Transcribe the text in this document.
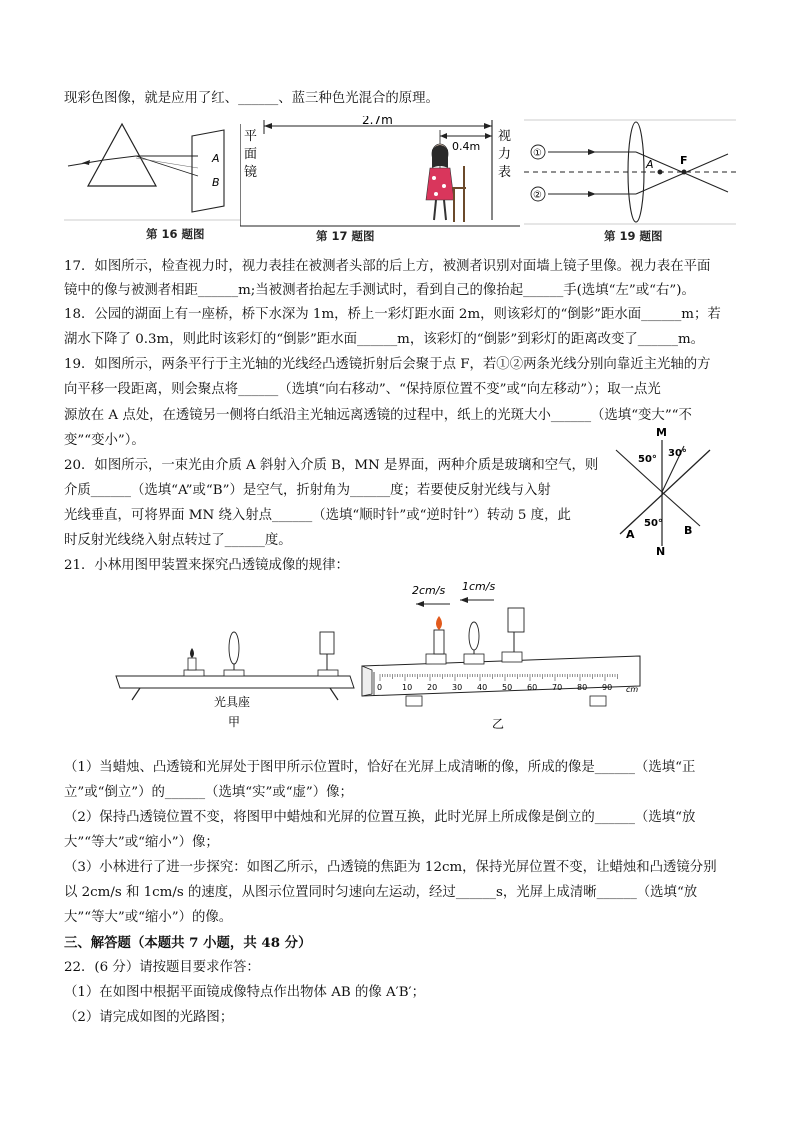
现彩色图像，就是应用了红、______、蓝三种色光混合的原理。
A
B
第 16 题图
平
面
镜
2.7m
0.4m
视
力
表
第 17 题图
①
②
A F
第 19 题图
17．如图所示，检查视力时，视力表挂在被测者头部的后上方，被测者识别对面墙上镜子里像。视力表在平面
镜中的像与被测者相距______m;当被测者抬起左手测试时，看到自己的像抬起______手(选填“左”或“右”)。
18．公园的湖面上有一座桥，桥下水深为 1m，桥上一彩灯距水面 2m，则该彩灯的“倒影”距水面______m；若
湖水下降了 0.3m，则此时该彩灯的“倒影”距水面______m，该彩灯的“倒影”到彩灯的距离改变了______m。
19．如图所示，两条平行于主光轴的光线经凸透镜折射后会聚于点 F，若①②两条光线分别向靠近主光轴的方
向平移一段距离，则会聚点将______（选填“向右移动”、“保持原位置不变”或“向左移动”）；取一点光
源放在 A 点处，在透镜另一侧将白纸沿主光轴远离透镜的过程中，纸上的光斑大小______（选填“变大”“不
变”“变小”）。
20．如图所示，一束光由介质 A 斜射入介质 B，MN 是界面，两种介质是玻璃和空气，则
介质______（选填“A”或“B”）是空气，折射角为______度；若要使反射光线与入射
光线垂直，可将界面 MN 绕入射点______（选填“顺时针”或“逆时针”）转动 5 度，此
时反射光线绕入射点转过了______度。
M
N
50°
30°
50°
A	B
21．小林用图甲装置来探究凸透镜成像的规律：
光具座
甲
0 10 20 30 40 50 60 70 80 90 cm
2cm/s 1cm/s
乙
（1）当蜡烛、凸透镜和光屏处于图甲所示位置时，恰好在光屏上成清晰的像，所成的像是______（选填“正
立”或“倒立”）的______（选填“实”或“虚”）像；
（2）保持凸透镜位置不变，将图甲中蜡烛和光屏的位置互换，此时光屏上所成像是倒立的______（选填“放
大”“等大”或“缩小”）像；
（3）小林进行了进一步探究：如图乙所示，凸透镜的焦距为 12cm，保持光屏位置不变，让蜡烛和凸透镜分别
以 2cm/s 和 1cm/s 的速度，从图示位置同时匀速向左运动，经过______s，光屏上成清晰______（选填“放
大”“等大”或“缩小”）的像。
三、解答题（本题共 7 小题，共 48 分）
22．(6 分）请按题目要求作答：
（1）在如图中根据平面镜成像特点作出物体 AB 的像 A′B′；
（2）请完成如图的光路图；
